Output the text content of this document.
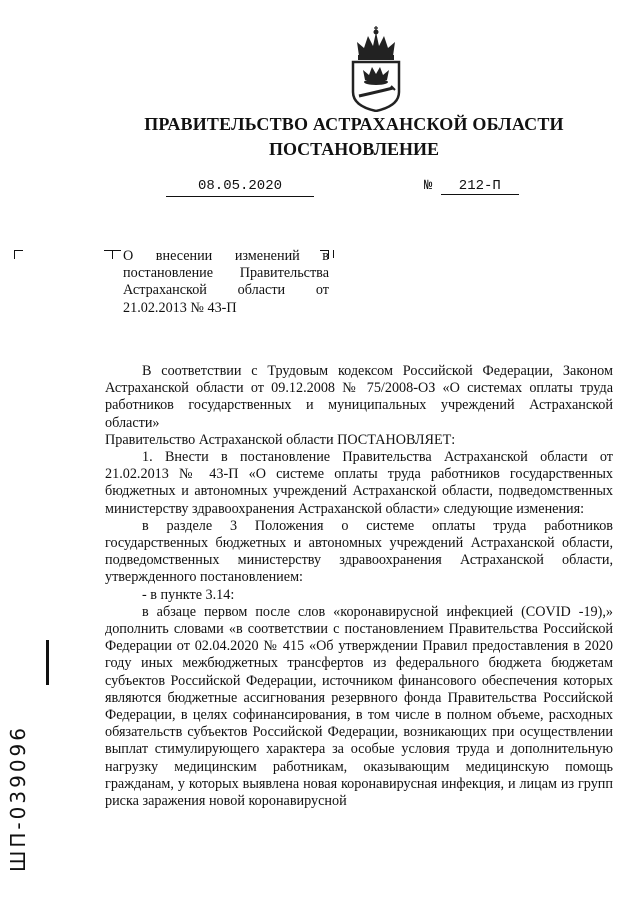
ПРАВИТЕЛЬСТВО АСТРАХАНСКОЙ ОБЛАСТИ
ПОСТАНОВЛЕНИЕ
08.05.2020	№ 212-П
О внесении изменений в
постановление Правительства Астраханской области от 21.02.2013 № 43-П

В соответствии с Трудовым кодексом Российской Федерации, Законом

Астраханской области от 09.12.2008 № 75/2008-ОЗ «О системах оплаты труда работников государственных и муниципальных учреждений Астраханской области»

Правительство Астраханской области ПОСТАНОВЛЯЕТ:

1. Внести в постановление Правительства Астраханской области от

21.02.2013 № 43-П «О системе оплаты труда работников государственных бюджетных и автономных учреждений Астраханской области, подведомственных министерству здравоохранения Астраханской области» следующие изменения:

в разделе 3 Положения о системе оплаты труда работников

государственных бюджетных и автономных учреждений Астраханской области, подведомственных министерству здравоохранения Астраханской области, утвержденного постановлением:

- в пункте 3.14:

в абзаце первом после слов «коронавирусной инфекцией (COVID -19),»

дополнить словами «в соответствии с постановлением Правительства Российской Федерации от 02.04.2020 № 415 «Об утверждении Правил предоставления в 2020 году иных межбюджетных трансфертов из федерального бюджета бюджетам субъектов Российской Федерации, источником финансового обеспечения которых являются бюджетные ассигнования резервного фонда Правительства Российской Федерации, в целях софинансирования, в том числе в полном объеме, расходных обязательств субъектов Российской Федерации, возникающих при осуществлении выплат стимулирующего характера за особые условия труда и дополнительную нагрузку медицинским работникам, оказывающим медицинскую помощь гражданам, у которых выявлена новая коронавирусная инфекция, и лицам из групп риска заражения новой коронавирусной

ШП-039096
